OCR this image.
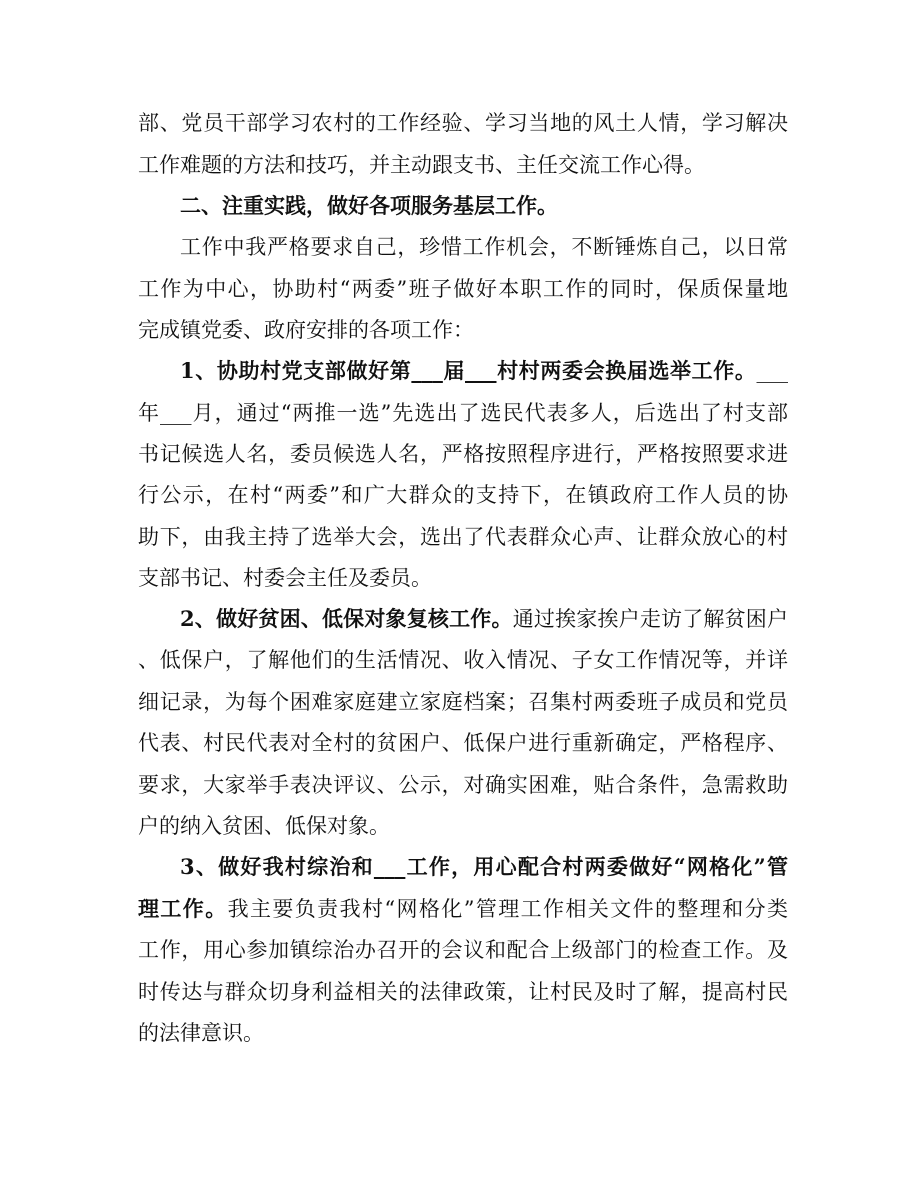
部、党员干部学习农村的工作经验、学习当地的风土人情，学习解决
工作难题的方法和技巧，并主动跟支书、主任交流工作心得。
二、注重实践，做好各项服务基层工作。
工作中我严格要求自己，珍惜工作机会，不断锤炼自己，以日常
工作为中心，协助村“两委”班子做好本职工作的同时，保质保量地
完成镇党委、政府安排的各项工作：
1、协助村党支部做好第___届___村村两委会换届选举工作。___
年___月，通过“两推一选”先选出了选民代表多人，后选出了村支部
书记候选人名，委员候选人名，严格按照程序进行，严格按照要求进
行公示，在村“两委”和广大群众的支持下，在镇政府工作人员的协
助下，由我主持了选举大会，选出了代表群众心声、让群众放心的村
支部书记、村委会主任及委员。
2、做好贫困、低保对象复核工作。通过挨家挨户走访了解贫困户
、低保户，了解他们的生活情况、收入情况、子女工作情况等，并详
细记录，为每个困难家庭建立家庭档案；召集村两委班子成员和党员
代表、村民代表对全村的贫困户、低保户进行重新确定，严格程序、
要求，大家举手表决评议、公示，对确实困难，贴合条件，急需救助
户的纳入贫困、低保对象。
3、做好我村综治和___工作，用心配合村两委做好“网格化”管
理工作。我主要负责我村“网格化”管理工作相关文件的整理和分类
工作，用心参加镇综治办召开的会议和配合上级部门的检查工作。及
时传达与群众切身利益相关的法律政策，让村民及时了解，提高村民
的法律意识。
